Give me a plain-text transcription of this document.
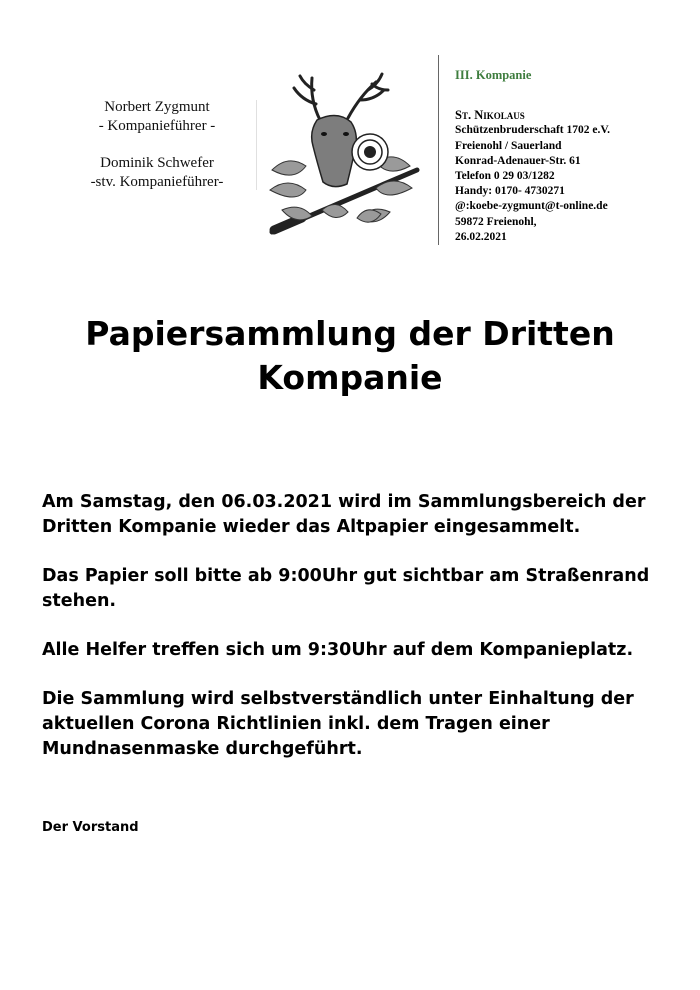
Norbert Zygmunt
- Kompanieführer -
Dominik Schwefer
-stv. Kompanieführer-
III. Kompanie
St. Nikolaus
Schützenbruderschaft 1702 e.V.
Freienohl / Sauerland
Konrad-Adenauer-Str. 61
Telefon 0 29 03/1282
Handy: 0170- 4730271
@:koebe-zygmunt@t-online.de
59872 Freienohl,
26.02.2021
Papiersammlung der Dritten
Kompanie

Am Samstag, den 06.03.2021 wird im Sammlungsbereich der Dritten Kompanie wieder das Altpapier eingesammelt.

Das Papier soll bitte ab 9:00Uhr gut sichtbar am Straßenrand stehen.

Alle Helfer treffen sich um 9:30Uhr auf dem Kompanieplatz.

Die Sammlung wird selbstverständlich unter Einhaltung der aktuellen Corona Richtlinien inkl. dem Tragen einer Mundnasenmaske durchgeführt.

Der Vorstand
